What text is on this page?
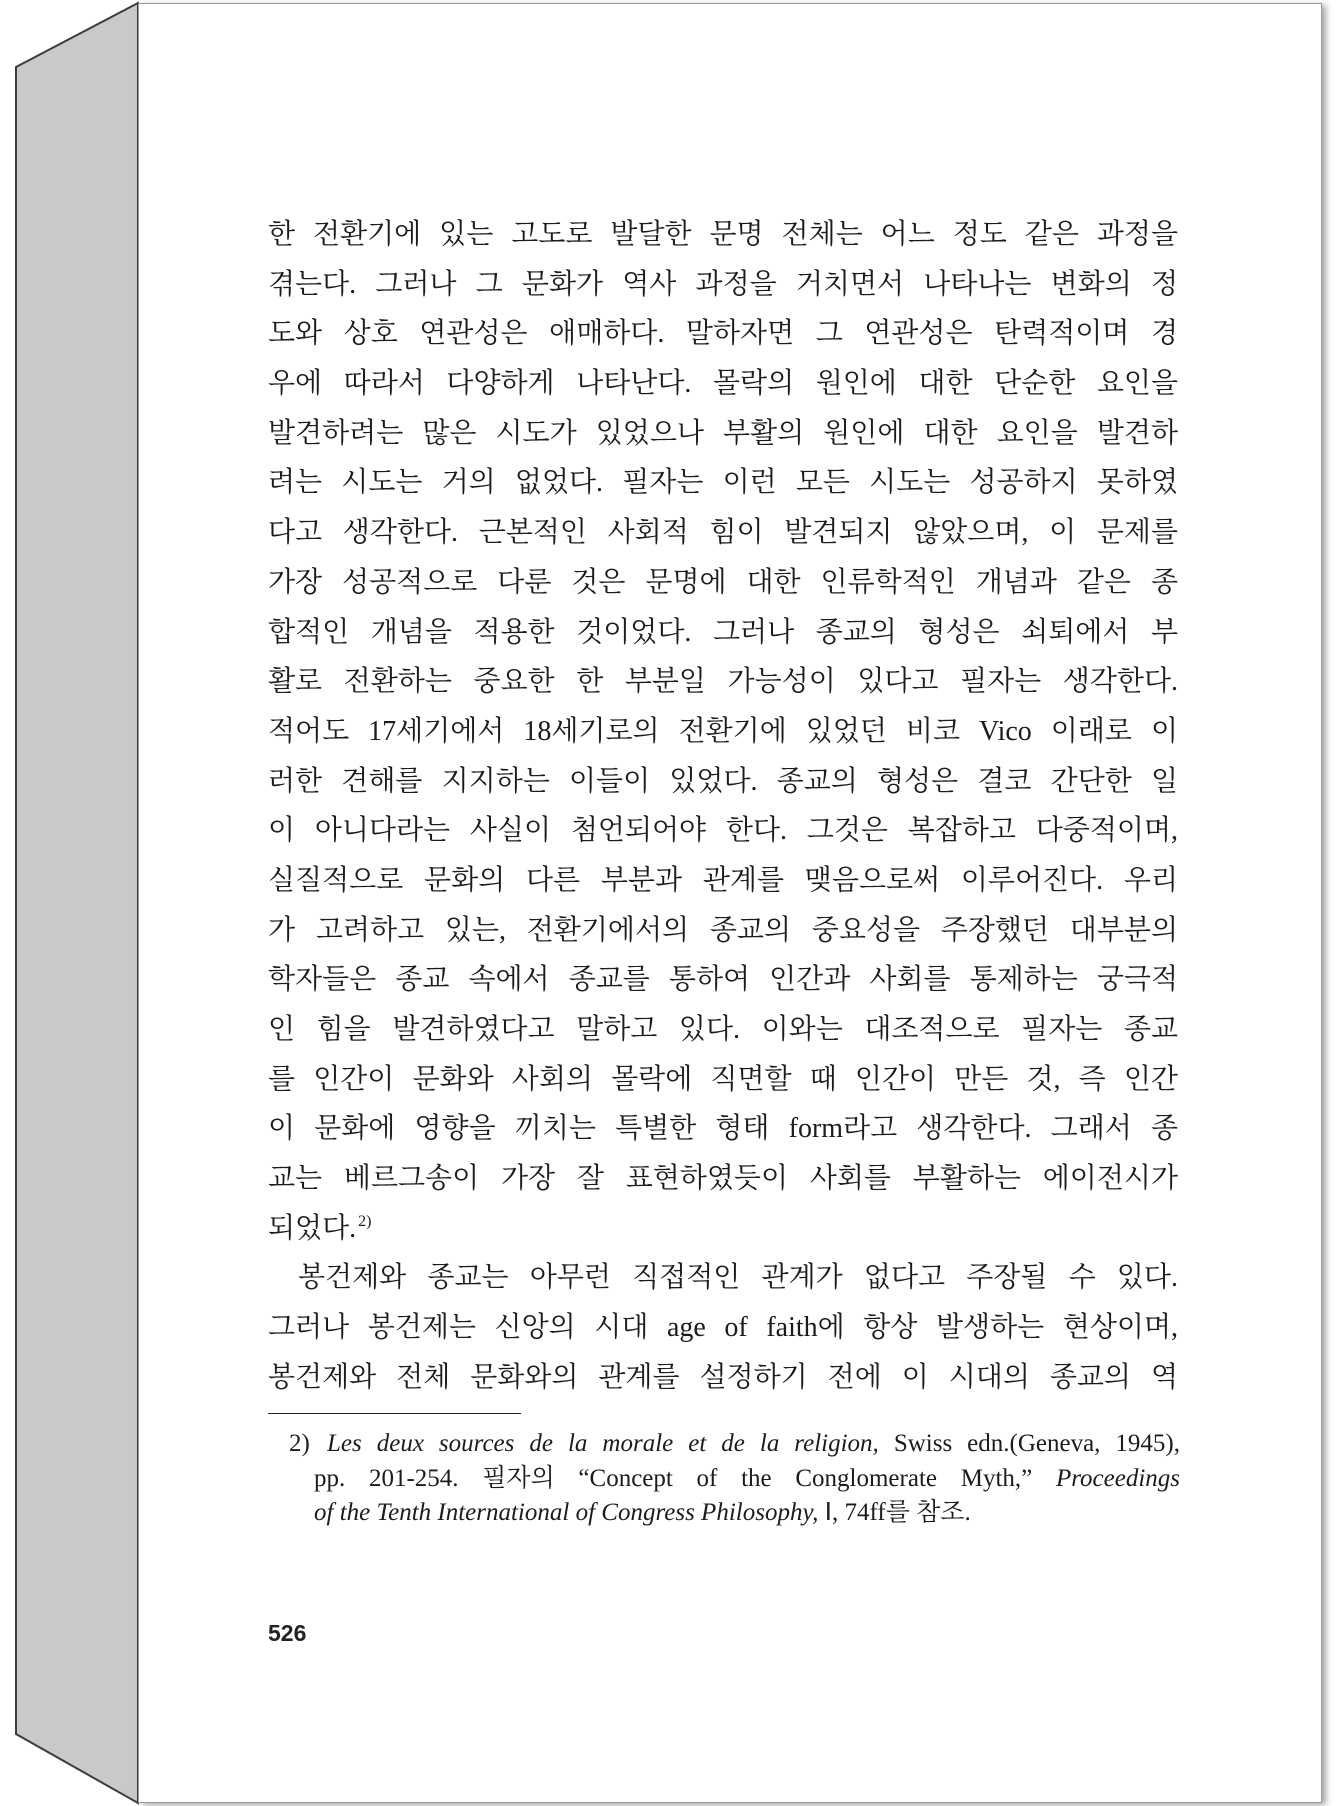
한 전환기에 있는 고도로 발달한 문명 전체는 어느 정도 같은 과정을
겪는다. 그러나 그 문화가 역사 과정을 거치면서 나타나는 변화의 정
도와 상호 연관성은 애매하다. 말하자면 그 연관성은 탄력적이며 경
우에 따라서 다양하게 나타난다. 몰락의 원인에 대한 단순한 요인을
발견하려는 많은 시도가 있었으나 부활의 원인에 대한 요인을 발견하
려는 시도는 거의 없었다. 필자는 이런 모든 시도는 성공하지 못하였
다고 생각한다. 근본적인 사회적 힘이 발견되지 않았으며, 이 문제를
가장 성공적으로 다룬 것은 문명에 대한 인류학적인 개념과 같은 종
합적인 개념을 적용한 것이었다. 그러나 종교의 형성은 쇠퇴에서 부
활로 전환하는 중요한 한 부분일 가능성이 있다고 필자는 생각한다.
적어도 17세기에서 18세기로의 전환기에 있었던 비코 Vico 이래로 이
러한 견해를 지지하는 이들이 있었다. 종교의 형성은 결코 간단한 일
이 아니다라는 사실이 첨언되어야 한다. 그것은 복잡하고 다중적이며,
실질적으로 문화의 다른 부분과 관계를 맺음으로써 이루어진다. 우리
가 고려하고 있는, 전환기에서의 종교의 중요성을 주장했던 대부분의
학자들은 종교 속에서 종교를 통하여 인간과 사회를 통제하는 궁극적
인 힘을 발견하였다고 말하고 있다. 이와는 대조적으로 필자는 종교
를 인간이 문화와 사회의 몰락에 직면할 때 인간이 만든 것, 즉 인간
이 문화에 영향을 끼치는 특별한 형태 form라고 생각한다. 그래서 종
교는 베르그송이 가장 잘 표현하였듯이 사회를 부활하는 에이전시가
되었다. $^{2)}$
봉건제와 종교는 아무런 직접적인 관계가 없다고 주장될 수 있다.
그러나 봉건제는 신앙의 시대 age of faith에 항상 발생하는 현상이며,
봉건제와 전체 문화와의 관계를 설정하기 전에 이 시대의 종교의 역
2) Les deux sources de la morale et de la religion, Swiss edn.(Geneva, 1945),
pp. 201-254. 필자의 “Concept of the Conglomerate Myth,” Proceedings
of the Tenth International of Congress Philosophy, Ⅰ, 74ff를 참조.
526
